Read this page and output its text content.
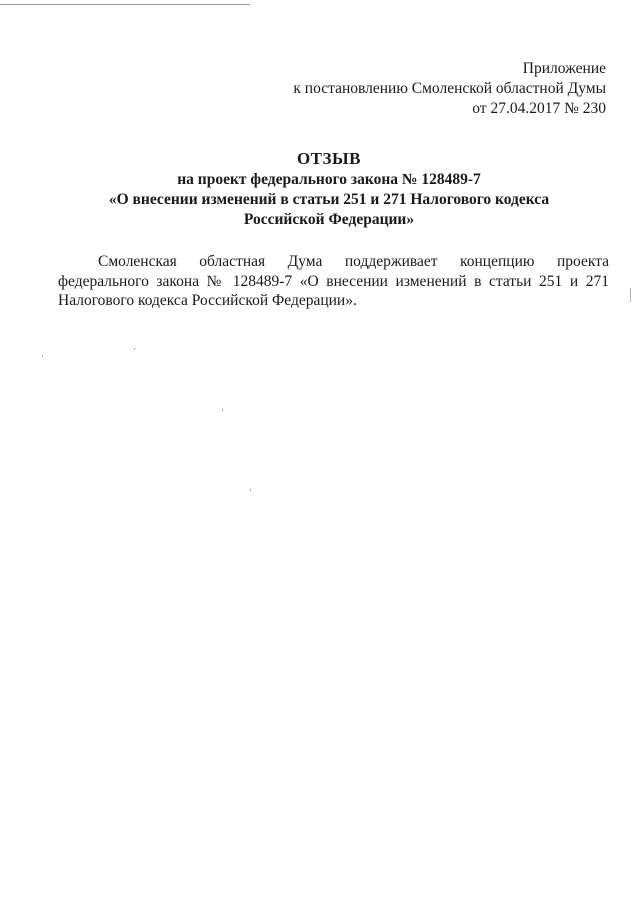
Приложение
к постановлению Смоленской областной Думы
от 27.04.2017 № 230
ОТЗЫВ
на проект федерального закона № 128489-7
«О внесении изменений в статьи 251 и 271 Налогового кодекса
Российской Федерации»
Смоленская областная Дума поддерживает концепцию проекта федерального закона № 128489-7 «О внесении изменений в статьи 251 и 271 Налогового кодекса Российской Федерации».
